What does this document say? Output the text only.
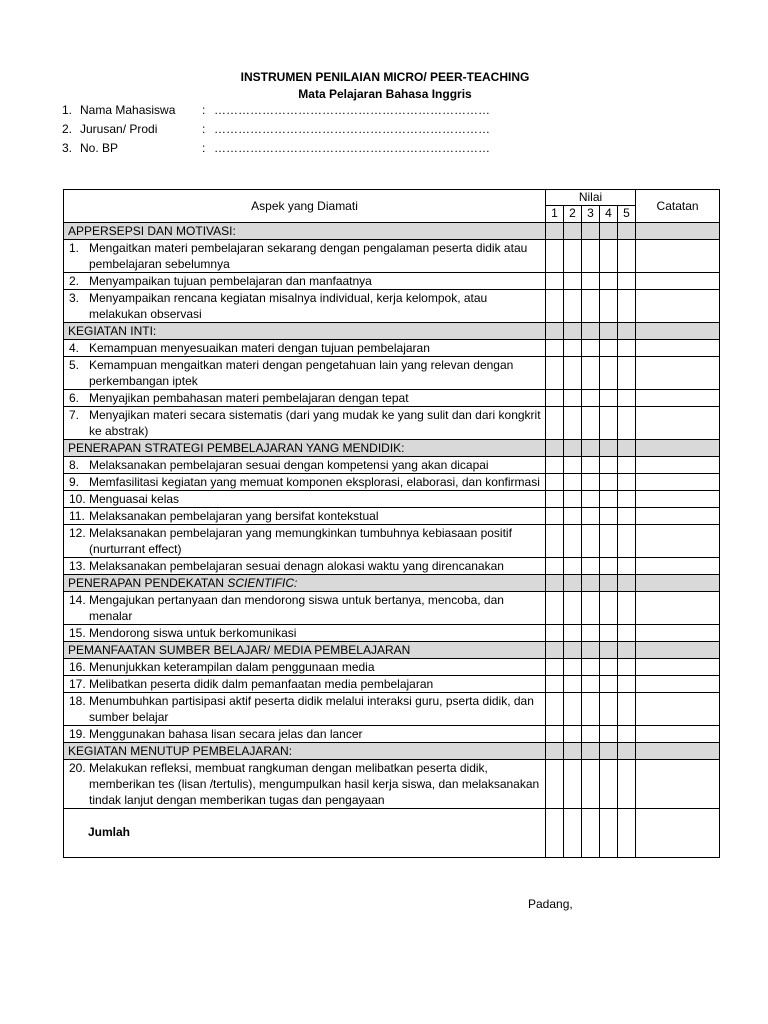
INSTRUMEN PENILAIAN MICRO/ PEER-TEACHING
Mata Pelajaran Bahasa Inggris
1. Nama Mahasiswa	: ……………………………………………………………
2. Jurusan/ Prodi	: ……………………………………………………………
3. No. BP	: ……………………………………………………………
Aspek yang Diamati	Nilai					Catatan
	1	2	3	4	5	
APPERSEPSI DAN MOTIVASI:						

1. Mengaitkan materi pembelajaran sekarang dengan pengalaman peserta didik atau pembelajaran sebelumnya						

2. Menyampaikan tujuan pembelajaran dan manfaatnya						

3. Menyampaikan rencana kegiatan misalnya individual, kerja kelompok, atau melakukan observasi						

KEGIATAN INTI:						

4. Kemampuan menyesuaikan materi dengan tujuan pembelajaran						

5. Kemampuan mengaitkan materi dengan pengetahuan lain yang relevan dengan perkembangan iptek						

6. Menyajikan pembahasan materi pembelajaran dengan tepat						

7. Menyajikan materi secara sistematis (dari yang mudak ke yang sulit dan dari kongkrit ke abstrak)						

PENERAPAN STRATEGI PEMBELAJARAN YANG MENDIDIK:						

8. Melaksanakan pembelajaran sesuai dengan kompetensi yang akan dicapai						

9. Memfasilitasi kegiatan yang memuat komponen eksplorasi, elaborasi, dan konfirmasi						

10. Menguasai kelas						

11. Melaksanakan pembelajaran yang bersifat kontekstual						

12. Melaksanakan pembelajaran yang memungkinkan tumbuhnya kebiasaan positif (nurturrant effect)						

13. Melaksanakan pembelajaran sesuai denagn alokasi waktu yang direncanakan						

PENERAPAN PENDEKATAN SCIENTIFIC:						

14. Mengajukan pertanyaan dan mendorong siswa untuk bertanya, mencoba, dan menalar						

15. Mendorong siswa untuk berkomunikasi						

PEMANFAATAN SUMBER BELAJAR/ MEDIA PEMBELAJARAN						

16. Menunjukkan keterampilan dalam penggunaan media						

17. Melibatkan peserta didik dalm pemanfaatan media pembelajaran						

18. Menumbuhkan partisipasi aktif peserta didik melalui interaksi guru, pserta didik, dan sumber belajar						

19. Menggunakan bahasa lisan secara jelas dan lancer						

KEGIATAN MENUTUP PEMBELAJARAN:						

20. Melakukan refleksi, membuat rangkuman dengan melibatkan peserta didik, memberikan tes (lisan /tertulis), mengumpulkan hasil kerja siswa, dan melaksanakan tindak lanjut dengan memberikan tugas dan pengayaan						

Jumlah						

Padang,
